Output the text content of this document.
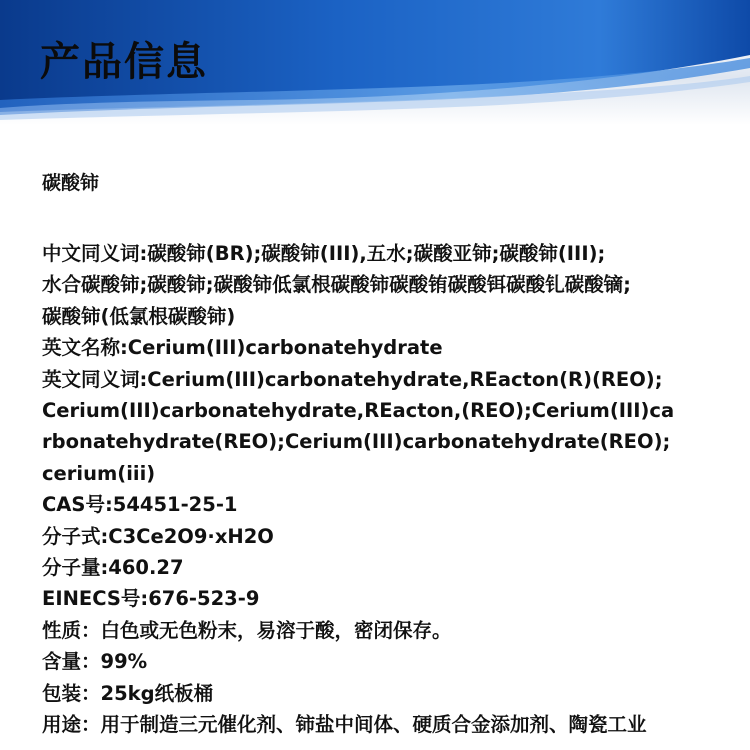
产品信息
碳酸铈
中文同义词:碳酸铈(BR);碳酸铈(III),五水;碳酸亚铈;碳酸铈(III);
水合碳酸铈;碳酸铈;碳酸铈低氯根碳酸铈碳酸铕碳酸铒碳酸钆碳酸镝;
碳酸铈(低氯根碳酸铈)
英文名称:Cerium(III)carbonatehydrate
英文同义词:Cerium(III)carbonatehydrate,REacton(R)(REO);
Cerium(III)carbonatehydrate,REacton,(REO);Cerium(III)ca
rbonatehydrate(REO);Cerium(III)carbonatehydrate(REO);
cerium(iii)
CAS号:54451-25-1
分子式:C3Ce2O9·xH2O
分子量:460.27
EINECS号:676-523-9
性质：白色或无色粉末，易溶于酸，密闭保存。
含量：99%
包装：25kg纸板桶
用途：用于制造三元催化剂、铈盐中间体、硬质合金添加剂、陶瓷工业
